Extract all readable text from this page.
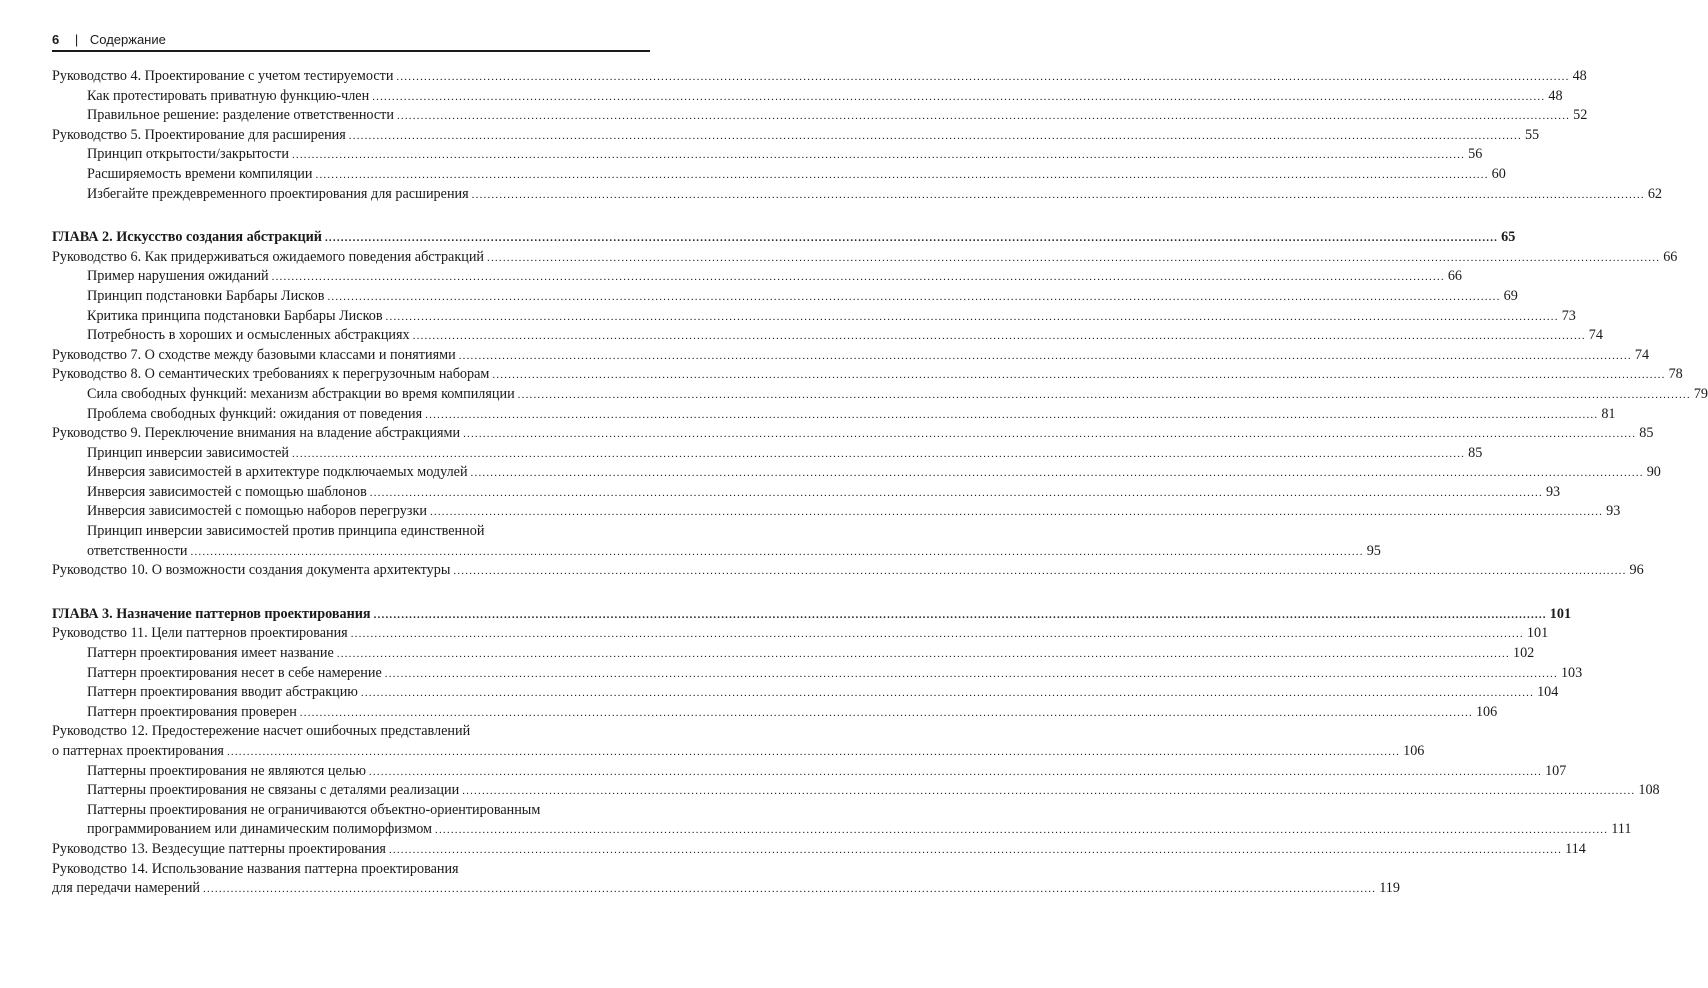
6 | Содержание
Руководство 4. Проектирование с учетом тестируемости .....	48
Как протестировать приватную функцию-член .....	48
Правильное решение: разделение ответственности .....	52
Руководство 5. Проектирование для расширения .....	55
Принцип открытости/закрытости .....	56
Расширяемость времени компиляции .....	60
Избегайте преждевременного проектирования для расширения .....	62
ГЛАВА 2. Искусство создания абстракций .....	65
Руководство 6. Как придерживаться ожидаемого поведения абстракций .....	66
Пример нарушения ожиданий .....	66
Принцип подстановки Барбары Лисков .....	69
Критика принципа подстановки Барбары Лисков .....	73
Потребность в хороших и осмысленных абстракциях .....	74
Руководство 7. О сходстве между базовыми классами и понятиями .....	74
Руководство 8. О семантических требованиях к перегрузочным наборам .....	78
Сила свободных функций: механизм абстракции во время компиляции .....	79
Проблема свободных функций: ожидания от поведения .....	81
Руководство 9. Переключение внимания на владение абстракциями .....	85
Принцип инверсии зависимостей .....	85
Инверсия зависимостей в архитектуре подключаемых модулей .....	90
Инверсия зависимостей с помощью шаблонов .....	93
Инверсия зависимостей с помощью наборов перегрузки .....	93
Принцип инверсии зависимостей против принципа единственной
ответственности .....	95
Руководство 10. О возможности создания документа архитектуры .....	96
ГЛАВА 3. Назначение паттернов проектирования .....	101
Руководство 11. Цели паттернов проектирования .....	101
Паттерн проектирования имеет название .....	102
Паттерн проектирования несет в себе намерение .....	103
Паттерн проектирования вводит абстракцию .....	104
Паттерн проектирования проверен .....	106
Руководство 12. Предостережение насчет ошибочных представлений
о паттернах проектирования .....	106
Паттерны проектирования не являются целью .....	107
Паттерны проектирования не связаны с деталями реализации .....	108
Паттерны проектирования не ограничиваются объектно-ориентированным
программированием или динамическим полиморфизмом .....	111
Руководство 13. Вездесущие паттерны проектирования .....	114
Руководство 14. Использование названия паттерна проектирования
для передачи намерений .....	119
